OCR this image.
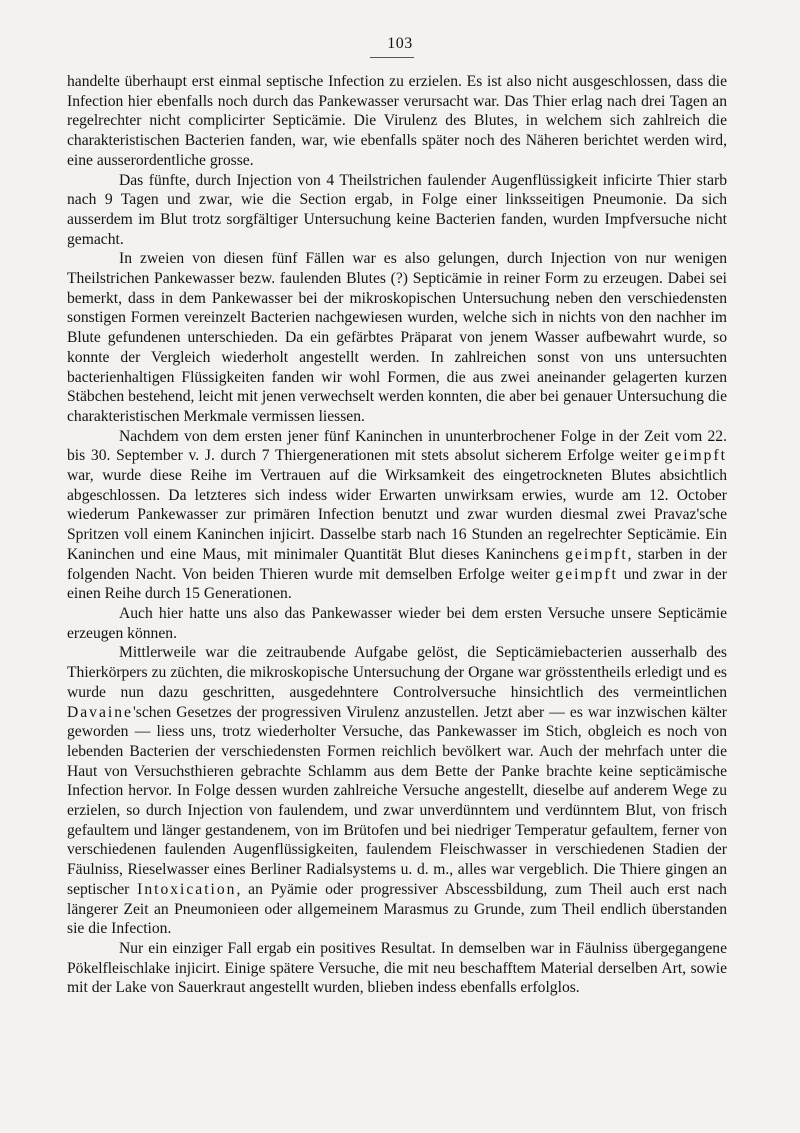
103

handelte überhaupt erst einmal septische Infection zu erzielen. Es ist also nicht ausgeschlossen, dass die Infection hier ebenfalls noch durch das Pankewasser verursacht war. Das Thier erlag nach drei Tagen an regelrechter nicht complicirter Septicämie. Die Virulenz des Blutes, in welchem sich zahlreich die charakteristischen Bacterien fanden, war, wie ebenfalls später noch des Näheren berichtet werden wird, eine ausserordentliche grosse.

Das fünfte, durch Injection von 4 Theilstrichen faulender Augenflüssigkeit inficirte Thier starb nach 9 Tagen und zwar, wie die Section ergab, in Folge einer linksseitigen Pneumonie. Da sich ausserdem im Blut trotz sorgfältiger Untersuchung keine Bacterien fanden, wurden Impfversuche nicht gemacht.

In zweien von diesen fünf Fällen war es also gelungen, durch Injection von nur wenigen Theilstrichen Pankewasser bezw. faulenden Blutes (?) Septicämie in reiner Form zu erzeugen. Dabei sei bemerkt, dass in dem Pankewasser bei der mikroskopischen Untersuchung neben den verschiedensten sonstigen Formen vereinzelt Bacterien nachgewiesen wurden, welche sich in nichts von den nachher im Blute gefundenen unterschieden. Da ein gefärbtes Präparat von jenem Wasser aufbewahrt wurde, so konnte der Vergleich wiederholt angestellt werden. In zahlreichen sonst von uns untersuchten bacterienhaltigen Flüssigkeiten fanden wir wohl Formen, die aus zwei aneinander gelagerten kurzen Stäbchen bestehend, leicht mit jenen verwechselt werden konnten, die aber bei genauer Untersuchung die charakteristischen Merkmale vermissen liessen.

Nachdem von dem ersten jener fünf Kaninchen in ununterbrochener Folge in der Zeit vom 22. bis 30. September v. J. durch 7 Thiergenerationen mit stets absolut sicherem Erfolge weiter geimpft war, wurde diese Reihe im Vertrauen auf die Wirksamkeit des eingetrockneten Blutes absichtlich abgeschlossen. Da letzteres sich indess wider Erwarten unwirksam erwies, wurde am 12. October wiederum Pankewasser zur primären Infection benutzt und zwar wurden diesmal zwei Pravaz'sche Spritzen voll einem Kaninchen injicirt. Dasselbe starb nach 16 Stunden an regelrechter Septicämie. Ein Kaninchen und eine Maus, mit minimaler Quantität Blut dieses Kaninchens geimpft, starben in der folgenden Nacht. Von beiden Thieren wurde mit demselben Erfolge weiter geimpft und zwar in der einen Reihe durch 15 Generationen.

Auch hier hatte uns also das Pankewasser wieder bei dem ersten Versuche unsere Septicämie erzeugen können.

Mittlerweile war die zeitraubende Aufgabe gelöst, die Septicämiebacterien ausserhalb des Thierkörpers zu züchten, die mikroskopische Untersuchung der Organe war grösstentheils erledigt und es wurde nun dazu geschritten, ausgedehntere Controlversuche hinsichtlich des vermeintlichen Davaine'schen Gesetzes der progressiven Virulenz anzustellen. Jetzt aber — es war inzwischen kälter geworden — liess uns, trotz wiederholter Versuche, das Pankewasser im Stich, obgleich es noch von lebenden Bacterien der verschiedensten Formen reichlich bevölkert war. Auch der mehrfach unter die Haut von Versuchsthieren gebrachte Schlamm aus dem Bette der Panke brachte keine septicämische Infection hervor. In Folge dessen wurden zahlreiche Versuche angestellt, dieselbe auf anderem Wege zu erzielen, so durch Injection von faulendem, und zwar unverdünntem und verdünntem Blut, von frisch gefaultem und länger gestandenem, von im Brütofen und bei niedriger Temperatur gefaultem, ferner von verschiedenen faulenden Augenflüssigkeiten, faulendem Fleischwasser in verschiedenen Stadien der Fäulniss, Rieselwasser eines Berliner Radialsystems u. d. m., alles war vergeblich. Die Thiere gingen an septischer Intoxication, an Pyämie oder progressiver Abscessbildung, zum Theil auch erst nach längerer Zeit an Pneumonieen oder allgemeinem Marasmus zu Grunde, zum Theil endlich überstanden sie die Infection.

Nur ein einziger Fall ergab ein positives Resultat. In demselben war in Fäulniss übergegangene Pökelfleischlake injicirt. Einige spätere Versuche, die mit neu beschafftem Material derselben Art, sowie mit der Lake von Sauerkraut angestellt wurden, blieben indess ebenfalls erfolglos.
